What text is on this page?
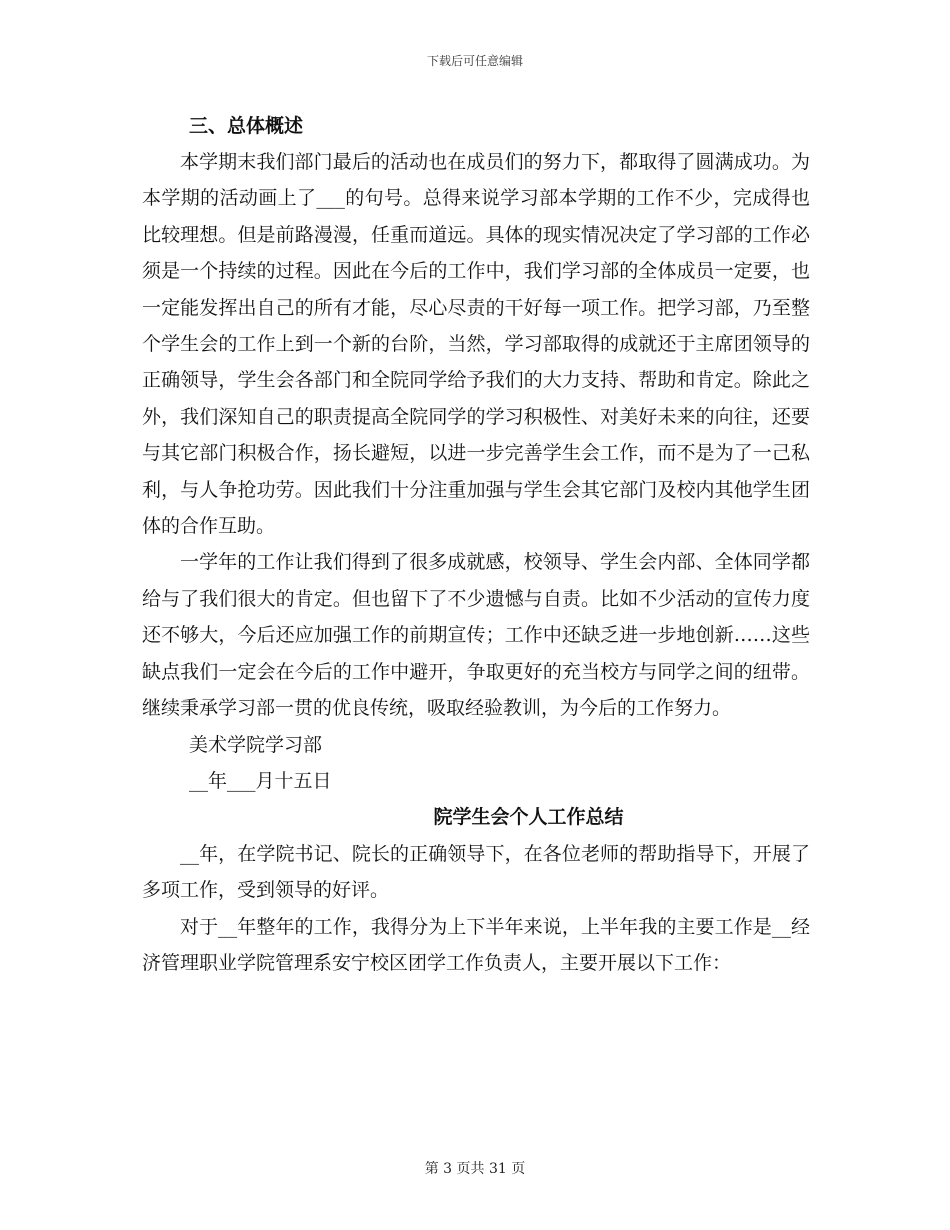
下载后可任意编辑

三、总体概述

本学期末我们部门最后的活动也在成员们的努力下，都取得了圆满成功。为本学期的活动画上了___的句号。总得来说学习部本学期的工作不少，完成得也比较理想。但是前路漫漫，任重而道远。具体的现实情况决定了学习部的工作必须是一个持续的过程。因此在今后的工作中，我们学习部的全体成员一定要，也一定能发挥出自己的所有才能，尽心尽责的干好每一项工作。把学习部，乃至整个学生会的工作上到一个新的台阶，当然，学习部取得的成就还于主席团领导的正确领导，学生会各部门和全院同学给予我们的大力支持、帮助和肯定。除此之外，我们深知自己的职责提高全院同学的学习积极性、对美好未来的向往，还要与其它部门积极合作，扬长避短，以进一步完善学生会工作，而不是为了一己私利，与人争抢功劳。因此我们十分注重加强与学生会其它部门及校内其他学生团体的合作互助。

一学年的工作让我们得到了很多成就感，校领导、学生会内部、全体同学都给与了我们很大的肯定。但也留下了不少遗憾与自责。比如不少活动的宣传力度还不够大，今后还应加强工作的前期宣传；工作中还缺乏进一步地创新……这些缺点我们一定会在今后的工作中避开，争取更好的充当校方与同学之间的纽带。继续秉承学习部一贯的优良传统，吸取经验教训，为今后的工作努力。

美术学院学习部

__年___月十五日

院学生会个人工作总结

__年，在学院书记、院长的正确领导下，在各位老师的帮助指导下，开展了多项工作，受到领导的好评。

对于__年整年的工作，我得分为上下半年来说，上半年我的主要工作是__经济管理职业学院管理系安宁校区团学工作负责人，主要开展以下工作：

第 3 页共 31 页
